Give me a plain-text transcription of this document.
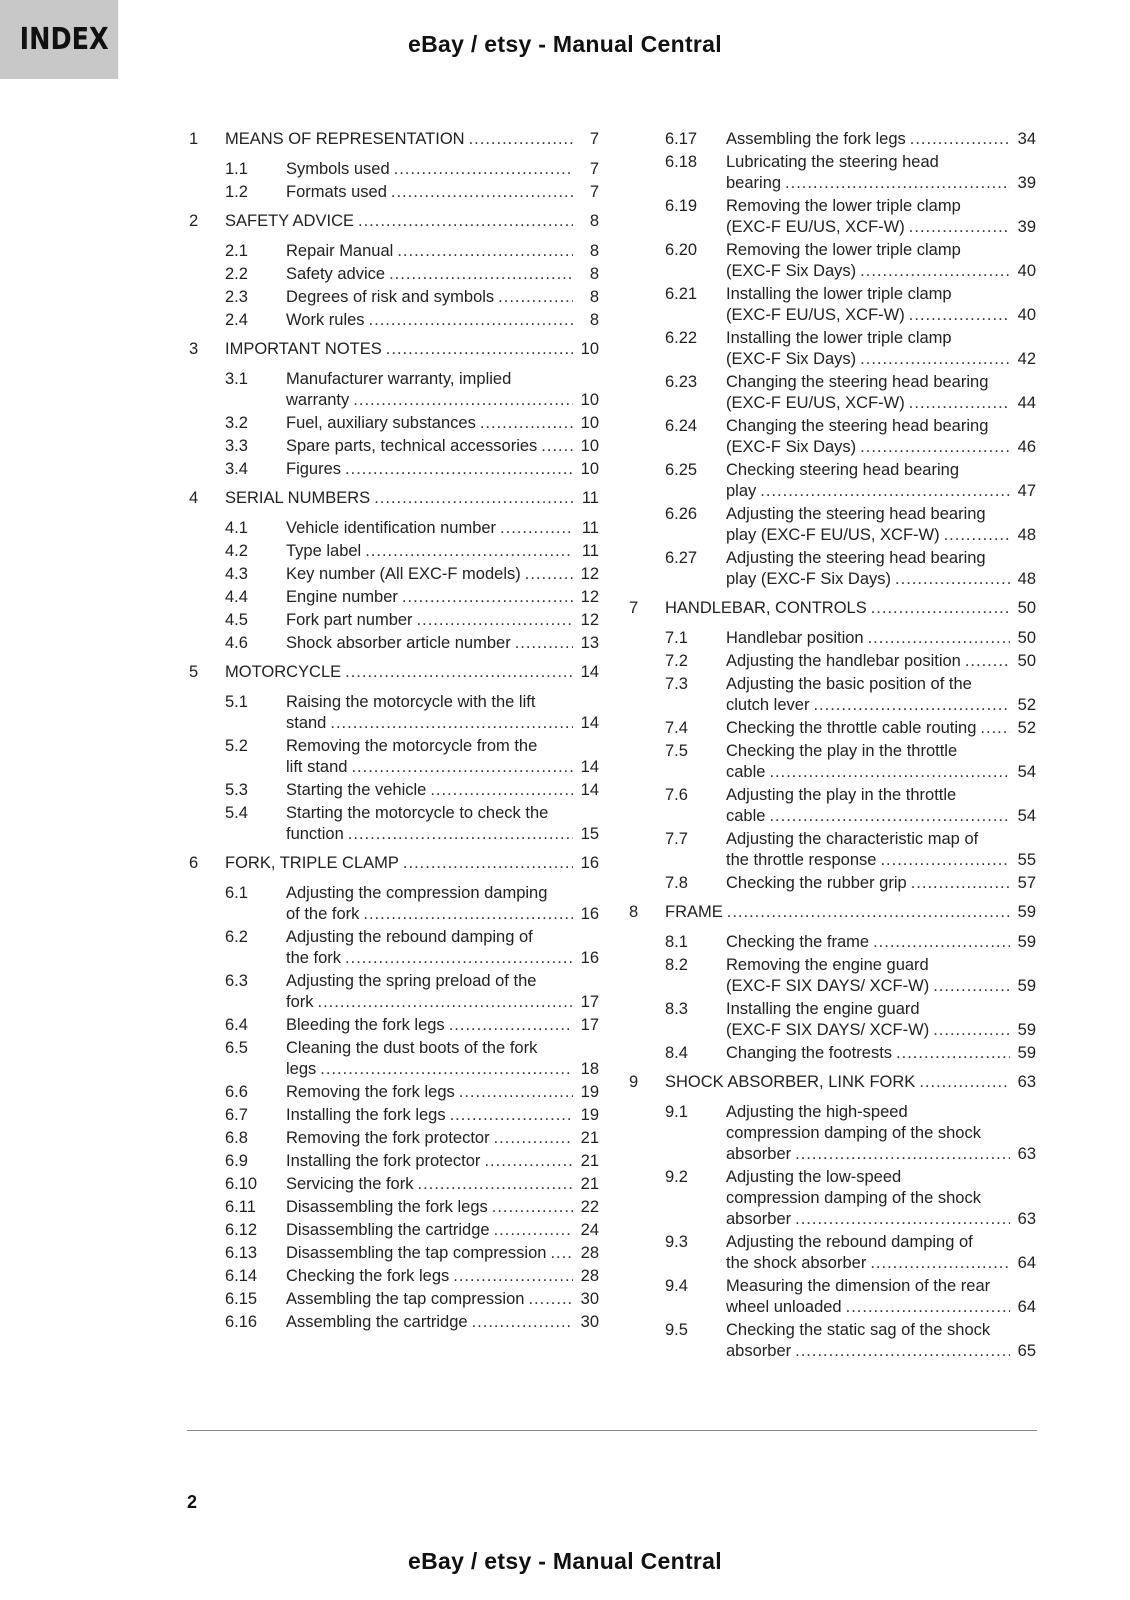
INDEX	eBay / etsy - Manual Central
1 MEANS OF REPRESENTATION .....	7
1.1 Symbols used .....	7
1.2 Formats used .....	7
2 SAFETY ADVICE .....	8
2.1 Repair Manual .....	8
2.2 Safety advice .....	8
2.3 Degrees of risk and symbols .....	8
2.4 Work rules .....	8
3 IMPORTANT NOTES .....	10
3.1 Manufacturer warranty, implied
warranty .....	10
3.2 Fuel, auxiliary substances .....	10
3.3 Spare parts, technical accessories .....	10
3.4 Figures .....	10
4 SERIAL NUMBERS .....	11
4.1 Vehicle identification number .....	11
4.2 Type label .....	11
4.3 Key number (All EXC-F models) .....	12
4.4 Engine number .....	12
4.5 Fork part number .....	12
4.6 Shock absorber article number .....	13
5 MOTORCYCLE .....	14
5.1 Raising the motorcycle with the lift
stand .....	14
5.2 Removing the motorcycle from the
lift stand .....	14
5.3 Starting the vehicle .....	14
5.4 Starting the motorcycle to check the
function .....	15
6 FORK, TRIPLE CLAMP .....	16
6.1 Adjusting the compression damping
of the fork .....	16
6.2 Adjusting the rebound damping of
the fork .....	16
6.3 Adjusting the spring preload of the
fork .....	17
6.4 Bleeding the fork legs .....	17
6.5 Cleaning the dust boots of the fork
legs .....	18
6.6 Removing the fork legs .....	19
6.7 Installing the fork legs .....	19
6.8 Removing the fork protector .....	21
6.9 Installing the fork protector .....	21
6.10 Servicing the fork .....	21
6.11 Disassembling the fork legs .....	22
6.12 Disassembling the cartridge .....	24
6.13 Disassembling the tap compression ..... 28
6.14 Checking the fork legs .....	28
6.15 Assembling the tap compression .....	30
6.16 Assembling the cartridge .....	30
6.17 Assembling the fork legs .....	34
6.18 Lubricating the steering head
bearing .....	39
6.19 Removing the lower triple clamp
(EXC-F EU/US, XCF-W) .....	39
6.20 Removing the lower triple clamp
(EXC-F Six Days) .....	40
6.21 Installing the lower triple clamp
(EXC-F EU/US, XCF-W) .....	40
6.22 Installing the lower triple clamp
(EXC-F Six Days) .....	42
6.23 Changing the steering head bearing
(EXC-F EU/US, XCF-W) .....	44
6.24 Changing the steering head bearing
(EXC-F Six Days) .....	46
6.25 Checking steering head bearing
play .....	47
6.26 Adjusting the steering head bearing
play (EXC-F EU/US, XCF-W) .....	48
6.27 Adjusting the steering head bearing
play (EXC-F Six Days) .....	48
7 HANDLEBAR, CONTROLS .....	50
7.1 Handlebar position .....	50
7.2 Adjusting the handlebar position .....	50
7.3 Adjusting the basic position of the
clutch lever .....	52
7.4 Checking the throttle cable routing ..... 52
7.5 Checking the play in the throttle
cable .....	54
7.6 Adjusting the play in the throttle
cable .....	54
7.7 Adjusting the characteristic map of
the throttle response .....	55
7.8 Checking the rubber grip .....	57
8 FRAME .....	59
8.1 Checking the frame .....	59
8.2 Removing the engine guard
(EXC-F SIX DAYS/ XCF-W) .....	59
8.3 Installing the engine guard
(EXC-F SIX DAYS/ XCF-W) .....	59
8.4 Changing the footrests .....	59
9 SHOCK ABSORBER, LINK FORK .....	63
9.1 Adjusting the high-speed
compression damping of the shock
absorber .....	63
9.2 Adjusting the low-speed
compression damping of the shock
absorber .....	63
9.3 Adjusting the rebound damping of
the shock absorber .....	64
9.4 Measuring the dimension of the rear
wheel unloaded .....	64
9.5 Checking the static sag of the shock
absorber .....	65
2
eBay / etsy - Manual Central
